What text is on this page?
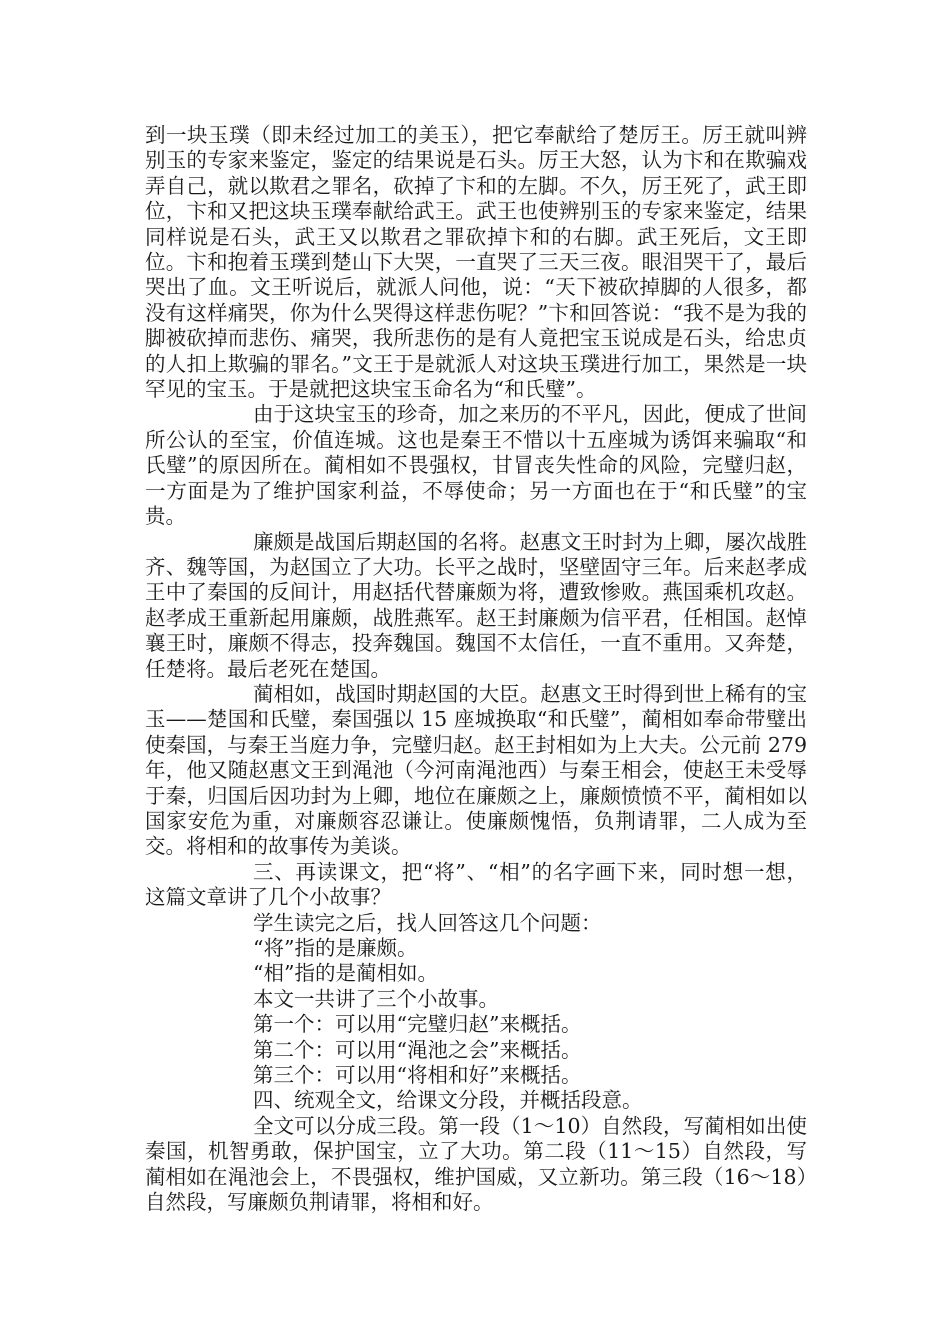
到一块玉璞（即未经过加工的美玉），把它奉献给了楚厉王。厉王就叫辨别玉的专家来鉴定，鉴定的结果说是石头。厉王大怒，认为卞和在欺骗戏弄自己，就以欺君之罪名，砍掉了卞和的左脚。不久，厉王死了，武王即位，卞和又把这块玉璞奉献给武王。武王也使辨别玉的专家来鉴定，结果同样说是石头，武王又以欺君之罪砍掉卞和的右脚。武王死后，文王即位。卞和抱着玉璞到楚山下大哭，一直哭了三天三夜。眼泪哭干了，最后哭出了血。文王听说后，就派人问他，说：“天下被砍掉脚的人很多，都没有这样痛哭，你为什么哭得这样悲伤呢？”卞和回答说：“我不是为我的脚被砍掉而悲伤、痛哭，我所悲伤的是有人竟把宝玉说成是石头，给忠贞的人扣上欺骗的罪名。”文王于是就派人对这块玉璞进行加工，果然是一块罕见的宝玉。于是就把这块宝玉命名为“和氏璧”。

由于这块宝玉的珍奇，加之来历的不平凡，因此，便成了世间所公认的至宝，价值连城。这也是秦王不惜以十五座城为诱饵来骗取“和氏璧”的原因所在。蔺相如不畏强权，甘冒丧失性命的风险，完璧归赵，一方面是为了维护国家利益，不辱使命；另一方面也在于“和氏璧”的宝贵。

廉颇是战国后期赵国的名将。赵惠文王时封为上卿，屡次战胜齐、魏等国，为赵国立了大功。长平之战时，坚壁固守三年。后来赵孝成王中了秦国的反间计，用赵括代替廉颇为将，遭致惨败。燕国乘机攻赵。赵孝成王重新起用廉颇，战胜燕军。赵王封廉颇为信平君，任相国。赵悼襄王时，廉颇不得志，投奔魏国。魏国不太信任，一直不重用。又奔楚，任楚将。最后老死在楚国。

蔺相如，战国时期赵国的大臣。赵惠文王时得到世上稀有的宝玉——楚国和氏璧，秦国强以 15 座城换取“和氏璧”，蔺相如奉命带璧出使秦国，与秦王当庭力争，完璧归赵。赵王封相如为上大夫。公元前 279 年，他又随赵惠文王到渑池（今河南渑池西）与秦王相会，使赵王未受辱于秦，归国后因功封为上卿，地位在廉颇之上，廉颇愤愤不平，蔺相如以国家安危为重，对廉颇容忍谦让。使廉颇愧悟，负荆请罪，二人成为至交。将相和的故事传为美谈。

三、再读课文，把“将”、“相”的名字画下来，同时想一想，这篇文章讲了几个小故事？

学生读完之后，找人回答这几个问题：

“将”指的是廉颇。

“相”指的是蔺相如。

本文一共讲了三个小故事。

第一个：可以用“完璧归赵”来概括。

第二个：可以用“渑池之会”来概括。

第三个：可以用“将相和好”来概括。

四、统观全文，给课文分段，并概括段意。

全文可以分成三段。第一段（1～10）自然段，写蔺相如出使秦国，机智勇敢，保护国宝，立了大功。第二段（11～15）自然段，写蔺相如在渑池会上，不畏强权，维护国威，又立新功。第三段（16～18）自然段，写廉颇负荆请罪，将相和好。
